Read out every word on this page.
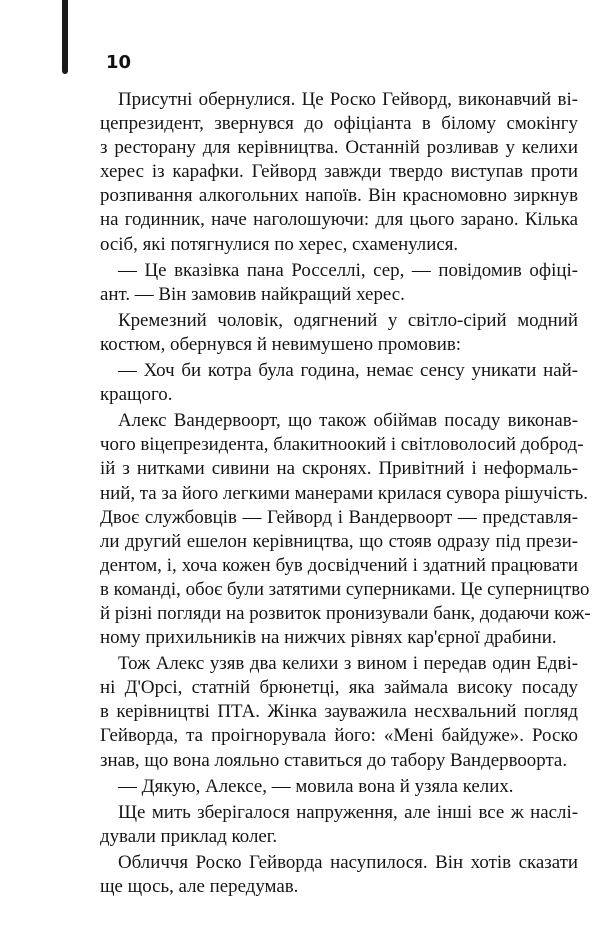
10
Присутні обернулися. Це Роско Гейворд, виконавчий ві-
цепрезидент, звернувся до офіціанта в білому смокінгу
з ресторану для керівництва. Останній розливав у келихи
херес із карафки. Гейворд завжди твердо виступав проти
розпивання алкогольних напоїв. Він красномовно зиркнув
на годинник, наче наголошуючи: для цього зарано. Кілька
осіб, які потягнулися по херес, схаменулися.
— Це вказівка пана Росселлі, сер, — повідомив офіці-
ант. — Він замовив найкращий херес.
Кремезний чоловік, одягнений у світло-сірий модний
костюм, обернувся й невимушено промовив:
— Хоч би котра була година, немає сенсу уникати най-
кращого.
Алекс Вандервоорт, що також обіймав посаду виконав-
чого віцепрезидента, блакитноокий і світловолосий доброд-
ій з нитками сивини на скронях. Привітний і неформаль-
ний, та за його легкими манерами крилася сувора рішучість.
Двоє службовців — Гейворд і Вандервоорт — представля-
ли другий ешелон керівництва, що стояв одразу під прези-
дентом, і, хоча кожен був досвідчений і здатний працювати
в команді, обоє були затятими суперниками. Це суперництво
й різні погляди на розвиток пронизували банк, додаючи кож-
ному прихильників на нижчих рівнях кар'єрної драбини.
Тож Алекс узяв два келихи з вином і передав один Едві-
ні Д'Орсі, статній брюнетці, яка займала високу посаду
в керівництві ПТА. Жінка зауважила несхвальний погляд
Гейворда, та проігнорувала його: «Мені байдуже». Роско
знав, що вона лояльно ставиться до табору Вандервоорта.
— Дякую, Алексе, — мовила вона й узяла келих.
Ще мить зберігалося напруження, але інші все ж наслі-
дували приклад колег.
Обличчя Роско Гейворда насупилося. Він хотів сказати
ще щось, але передумав.
